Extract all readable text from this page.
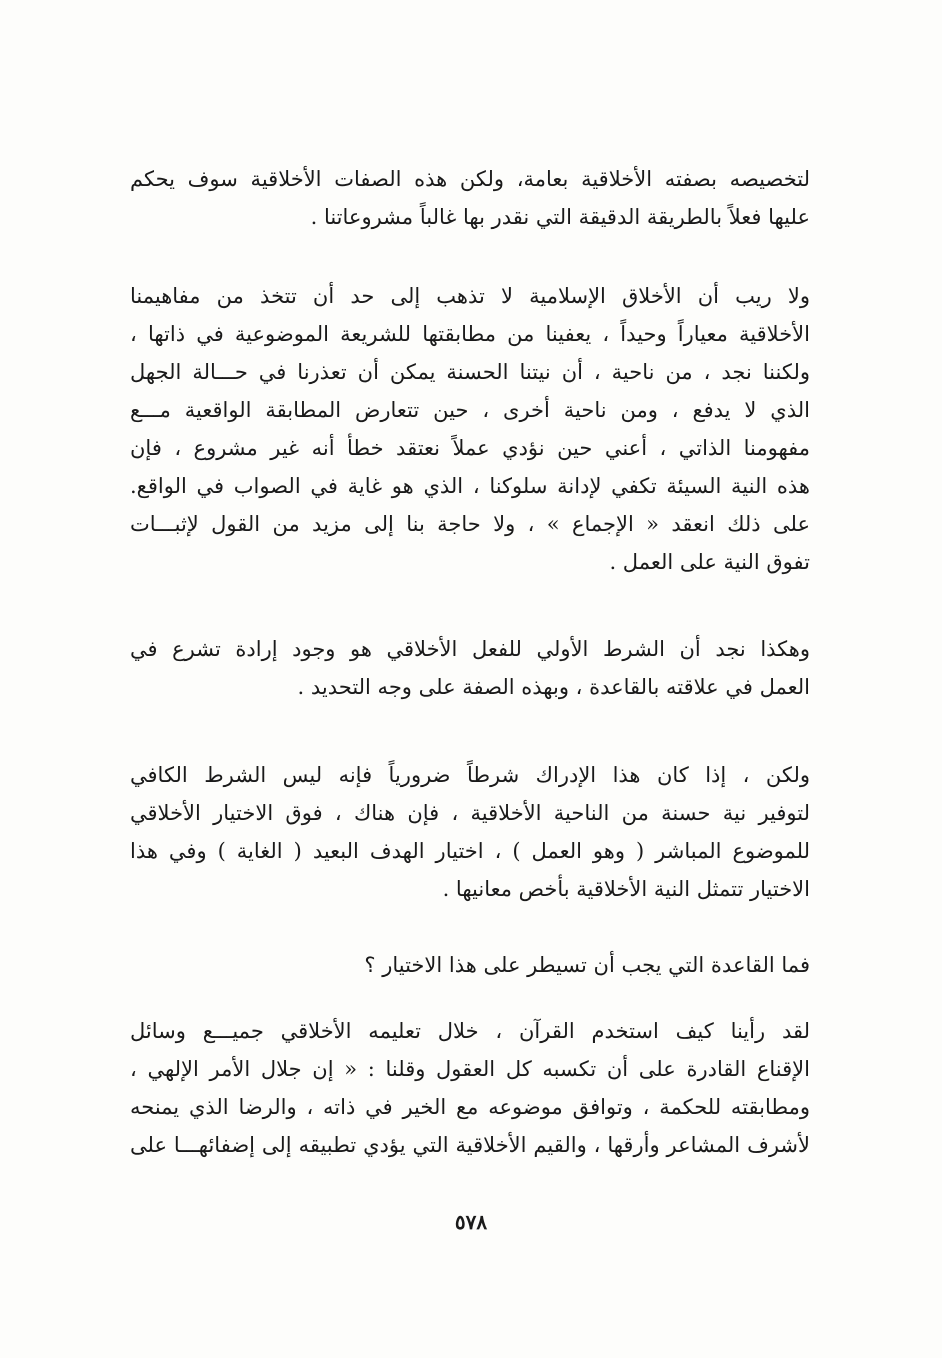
لتخصيصه بصفته الأخلاقية بعامة، ولكن هذه الصفات الأخلاقية سوف يحكم
عليها فعلاً بالطريقة الدقيقة التي نقدر بها غالباً مشروعاتنا .
ولا ريب أن الأخلاق الإسلامية لا تذهب إلى حد أن تتخذ من مفاهيمنا
الأخلاقية معياراً وحيداً ، يعفينا من مطابقتها للشريعة الموضوعية في ذاتها ،
ولكننا نجد ، من ناحية ، أن نيتنا الحسنة يمكن أن تعذرنا في حـــالة الجهل
الذي لا يدفع ، ومن ناحية أخرى ، حين تتعارض المطابقة الواقعية مـــع
مفهومنا الذاتي ، أعني حين نؤدي عملاً نعتقد خطأ أنه غير مشروع ، فإن
هذه النية السيئة تكفي لإدانة سلوكنا ، الذي هو غاية في الصواب في الواقع.
على ذلك انعقد « الإجماع » ، ولا حاجة بنا إلى مزيد من القول لإثبـــات
تفوق النية على العمل .
وهكذا نجد أن الشرط الأولي للفعل الأخلاقي هو وجود إرادة تشرع في
العمل في علاقته بالقاعدة ، وبهذه الصفة على وجه التحديد .
ولكن ، إذا كان هذا الإدراك شرطاً ضرورياً فإنه ليس الشرط الكافي
لتوفير نية حسنة من الناحية الأخلاقية ، فإن هناك ، فوق الاختيار الأخلاقي
للموضوع المباشر ( وهو العمل ) ، اختيار الهدف البعيد ( الغاية ) وفي هذا
الاختيار تتمثل النية الأخلاقية بأخص معانيها .
فما القاعدة التي يجب أن تسيطر على هذا الاختيار ؟
لقد رأينا كيف استخدم القرآن ، خلال تعليمه الأخلاقي جميـــع وسائل
الإقناع القادرة على أن تكسبه كل العقول وقلنا : « إن جلال الأمر الإلهي ،
ومطابقته للحكمة ، وتوافق موضوعه مع الخير في ذاته ، والرضا الذي يمنحه
لأشرف المشاعر وأرقها ، والقيم الأخلاقية التي يؤدي تطبيقه إلى إضفائهـــا على
٥٧٨
